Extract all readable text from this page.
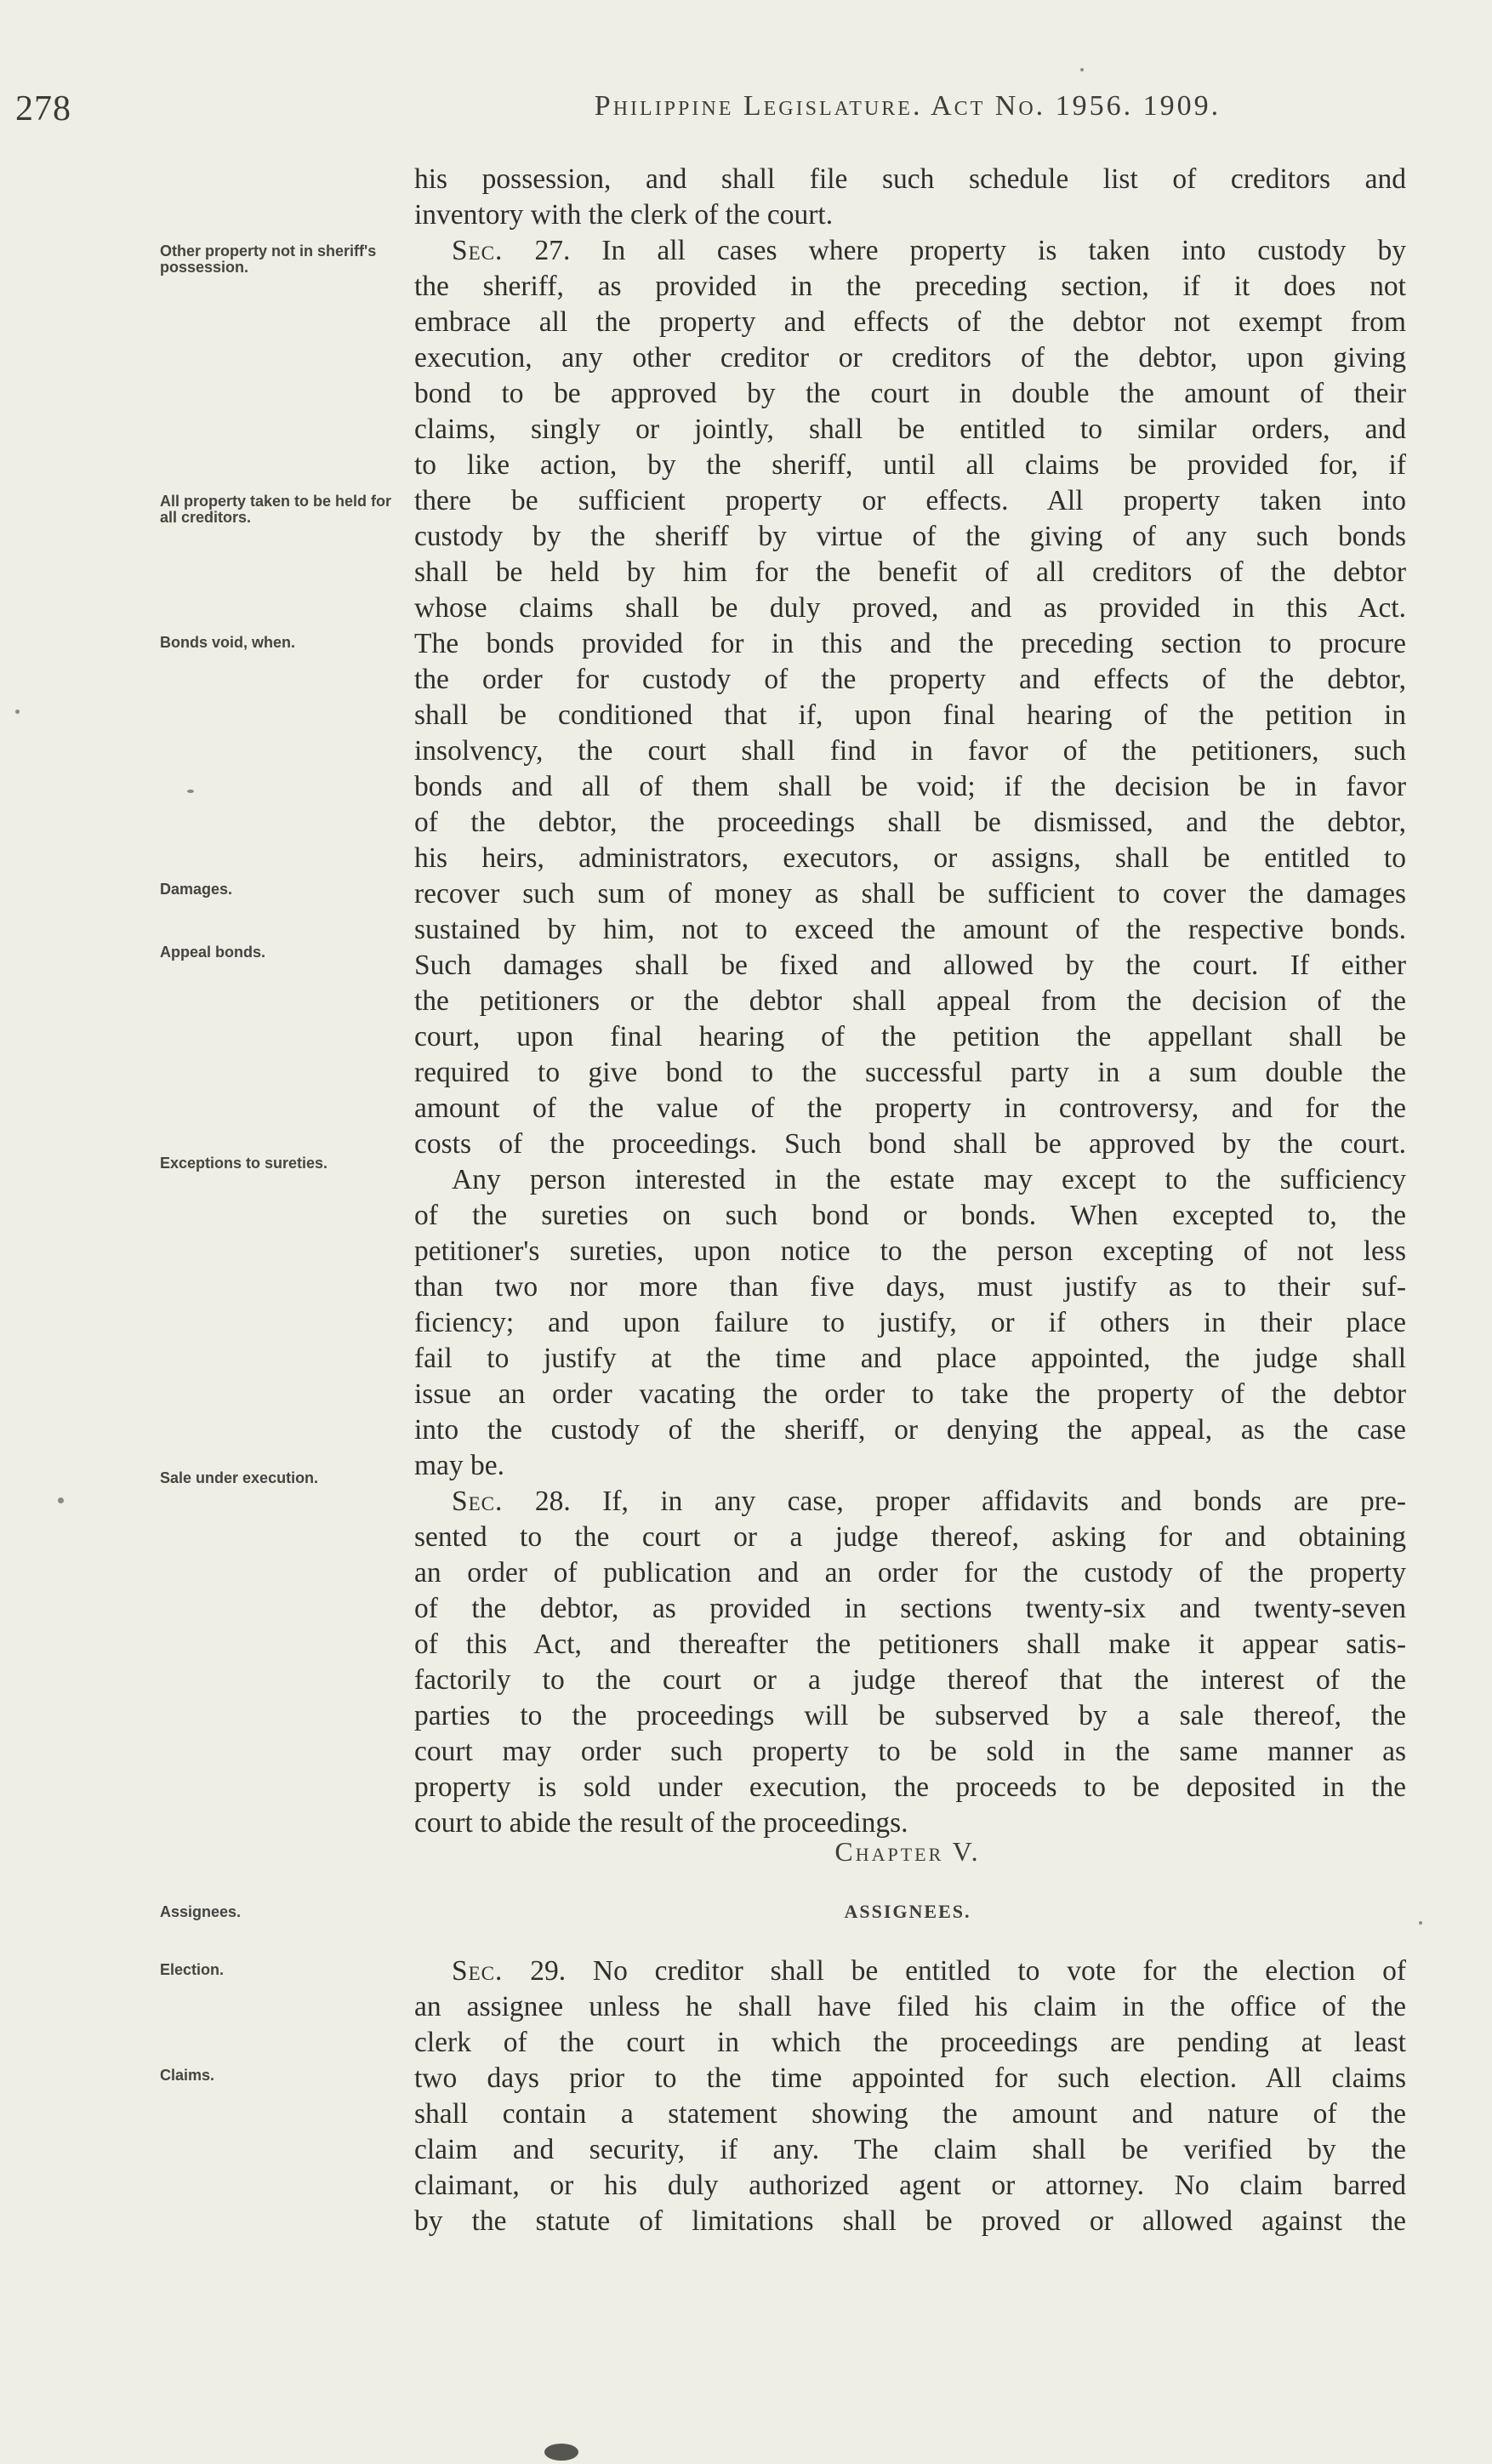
278	Philippine Legislature. Act No. 1956. 1909.
Other property not in sheriff's possession.
All property taken to be held for all creditors.
Bonds void, when.
Damages.
Appeal bonds.
Exceptions to sureties.
Sale under execution.
Assignees.
Election.
Claims.
his possession, and shall file such schedule list of creditors and
inventory with the clerk of the court.
Sec. 27. In all cases where property is taken into custody by
the sheriff, as provided in the preceding section, if it does not
embrace all the property and effects of the debtor not exempt from
execution, any other creditor or creditors of the debtor, upon giving
bond to be approved by the court in double the amount of their
claims, singly or jointly, shall be entitled to similar orders, and
to like action, by the sheriff, until all claims be provided for, if
there be sufficient property or effects. All property taken into
custody by the sheriff by virtue of the giving of any such bonds
shall be held by him for the benefit of all creditors of the debtor
whose claims shall be duly proved, and as provided in this Act.
The bonds provided for in this and the preceding section to procure
the order for custody of the property and effects of the debtor,
shall be conditioned that if, upon final hearing of the petition in
insolvency, the court shall find in favor of the petitioners, such
bonds and all of them shall be void; if the decision be in favor
of the debtor, the proceedings shall be dismissed, and the debtor,
his heirs, administrators, executors, or assigns, shall be entitled to
recover such sum of money as shall be sufficient to cover the damages
sustained by him, not to exceed the amount of the respective bonds.
Such damages shall be fixed and allowed by the court. If either
the petitioners or the debtor shall appeal from the decision of the
court, upon final hearing of the petition the appellant shall be
required to give bond to the successful party in a sum double the
amount of the value of the property in controversy, and for the
costs of the proceedings. Such bond shall be approved by the court.
Any person interested in the estate may except to the sufficiency
of the sureties on such bond or bonds. When excepted to, the
petitioner's sureties, upon notice to the person excepting of not less
than two nor more than five days, must justify as to their suf-
ficiency; and upon failure to justify, or if others in their place
fail to justify at the time and place appointed, the judge shall
issue an order vacating the order to take the property of the debtor
into the custody of the sheriff, or denying the appeal, as the case
may be.
Sec. 28. If, in any case, proper affidavits and bonds are pre-
sented to the court or a judge thereof, asking for and obtaining
an order of publication and an order for the custody of the property
of the debtor, as provided in sections twenty-six and twenty-seven
of this Act, and thereafter the petitioners shall make it appear satis-
factorily to the court or a judge thereof that the interest of the
parties to the proceedings will be subserved by a sale thereof, the
court may order such property to be sold in the same manner as
property is sold under execution, the proceeds to be deposited in the
court to abide the result of the proceedings.
Chapter V.
ASSIGNEES.
Sec. 29. No creditor shall be entitled to vote for the election of
an assignee unless he shall have filed his claim in the office of the
clerk of the court in which the proceedings are pending at least
two days prior to the time appointed for such election. All claims
shall contain a statement showing the amount and nature of the
claim and security, if any. The claim shall be verified by the
claimant, or his duly authorized agent or attorney. No claim barred
by the statute of limitations shall be proved or allowed against the
